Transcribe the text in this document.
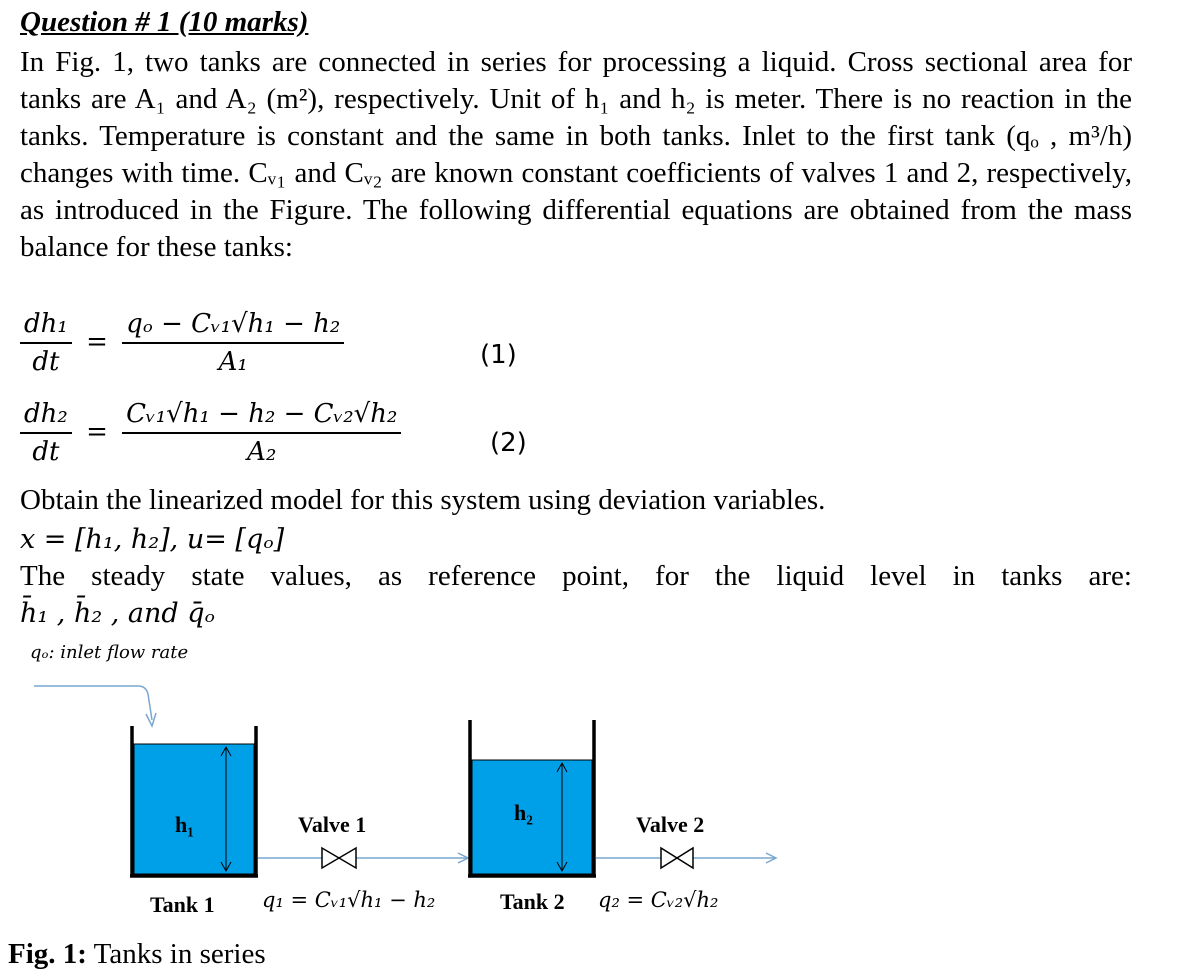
Question # 1 (10 marks)

In Fig. 1, two tanks are connected in series for processing a liquid. Cross sectional area for tanks are A₁ and A₂ (m²), respectively. Unit of h₁ and h₂ is meter. There is no reaction in the tanks. Temperature is constant and the same in both tanks. Inlet to the first tank (qₒ , m³/h) changes with time. Cᵥ₁ and Cᵥ₂ are known constant coefficients of valves 1 and 2, respectively, as introduced in the Figure. The following differential equations are obtained from the mass balance for these tanks:

$\frac{\text{dh₁}}{dt} = \frac{\text{qₒ − Cᵥ₁√h₁ − h₂}}{\text{A₁}}$	(1)
$\frac{\text{dh₂}}{dt} = \frac{\text{Cᵥ₁√h₁ − h₂ − Cᵥ₂√h₂}}{\text{A₂}}$	(2)
Obtain the linearized model for this system using deviation variables.
x = [h₁, h₂], u= [qₒ]
The steady state values, as reference point, for the liquid level in tanks are:
h̄₁ , h̄₂ , and q̄ₒ
qₒ: inlet flow rate
h₁	h₂
Valve 1	Valve 2
Tank 1	Tank 2
q₁ = Cᵥ₁√h₁ − h₂	q₂ = Cᵥ₂√h₂
Fig. 1: Tanks in series
